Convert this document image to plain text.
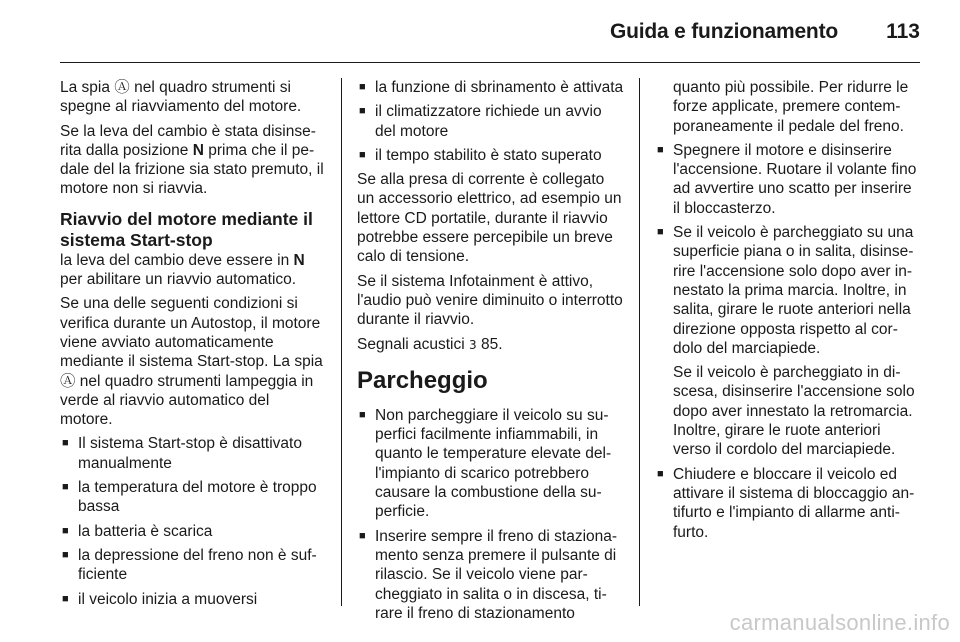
Guida e funzionamento 113

La spia Ⓐ nel quadro strumenti si spegne al riavviamento del motore.

Se la leva del cambio è stata disinserita dalla posizione N prima che il pedale del la frizione sia stato premuto, il motore non si riavvia.

Riavvio del motore mediante il sistema Start-stop

la leva del cambio deve essere in N per abilitare un riavvio automatico.

Se una delle seguenti condizioni si verifica durante un Autostop, il motore viene avviato automaticamente mediante il sistema Start-stop. La spia Ⓐ nel quadro strumenti lampeggia in verde al riavvio automatico del motore.

■ Il sistema Start-stop è disattivato manualmente
■ la temperatura del motore è troppo bassa
■ la batteria è scarica
■ la depressione del freno non è sufficiente
■ il veicolo inizia a muoversi
■ la funzione di sbrinamento è attivata
■ il climatizzatore richiede un avvio del motore
■ il tempo stabilito è stato superato

Se alla presa di corrente è collegato un accessorio elettrico, ad esempio un lettore CD portatile, durante il riavvio potrebbe essere percepibile un breve calo di tensione.

Se il sistema Infotainment è attivo, l'audio può venire diminuito o interrotto durante il riavvio.

Segnali acustici 3 85.

Parcheggio
■ Non parcheggiare il veicolo su superfici facilmente infiammabili, in quanto le temperature elevate dell'impianto di scarico potrebbero causare la combustione della superficie.
■ Inserire sempre il freno di stazionamento senza premere il pulsante di rilascio. Se il veicolo viene parcheggiato in salita o in discesa, tirare il freno di stazionamento
quanto più possibile. Per ridurre le forze applicate, premere contemporaneamente il pedale del freno.
■ Spegnere il motore e disinserire l'accensione. Ruotare il volante fino ad avvertire uno scatto per inserire il bloccasterzo.
■ Se il veicolo è parcheggiato su una superficie piana o in salita, disinserire l'accensione solo dopo aver innestato la prima marcia. Inoltre, in salita, girare le ruote anteriori nella direzione opposta rispetto al cordolo del marciapiede.
Se il veicolo è parcheggiato in discesa, disinserire l'accensione solo dopo aver innestato la retromarcia. Inoltre, girare le ruote anteriori verso il cordolo del marciapiede.
■ Chiudere e bloccare il veicolo ed attivare il sistema di bloccaggio antifurto e l'impianto di allarme antifurto.
carmanualsonline.info
